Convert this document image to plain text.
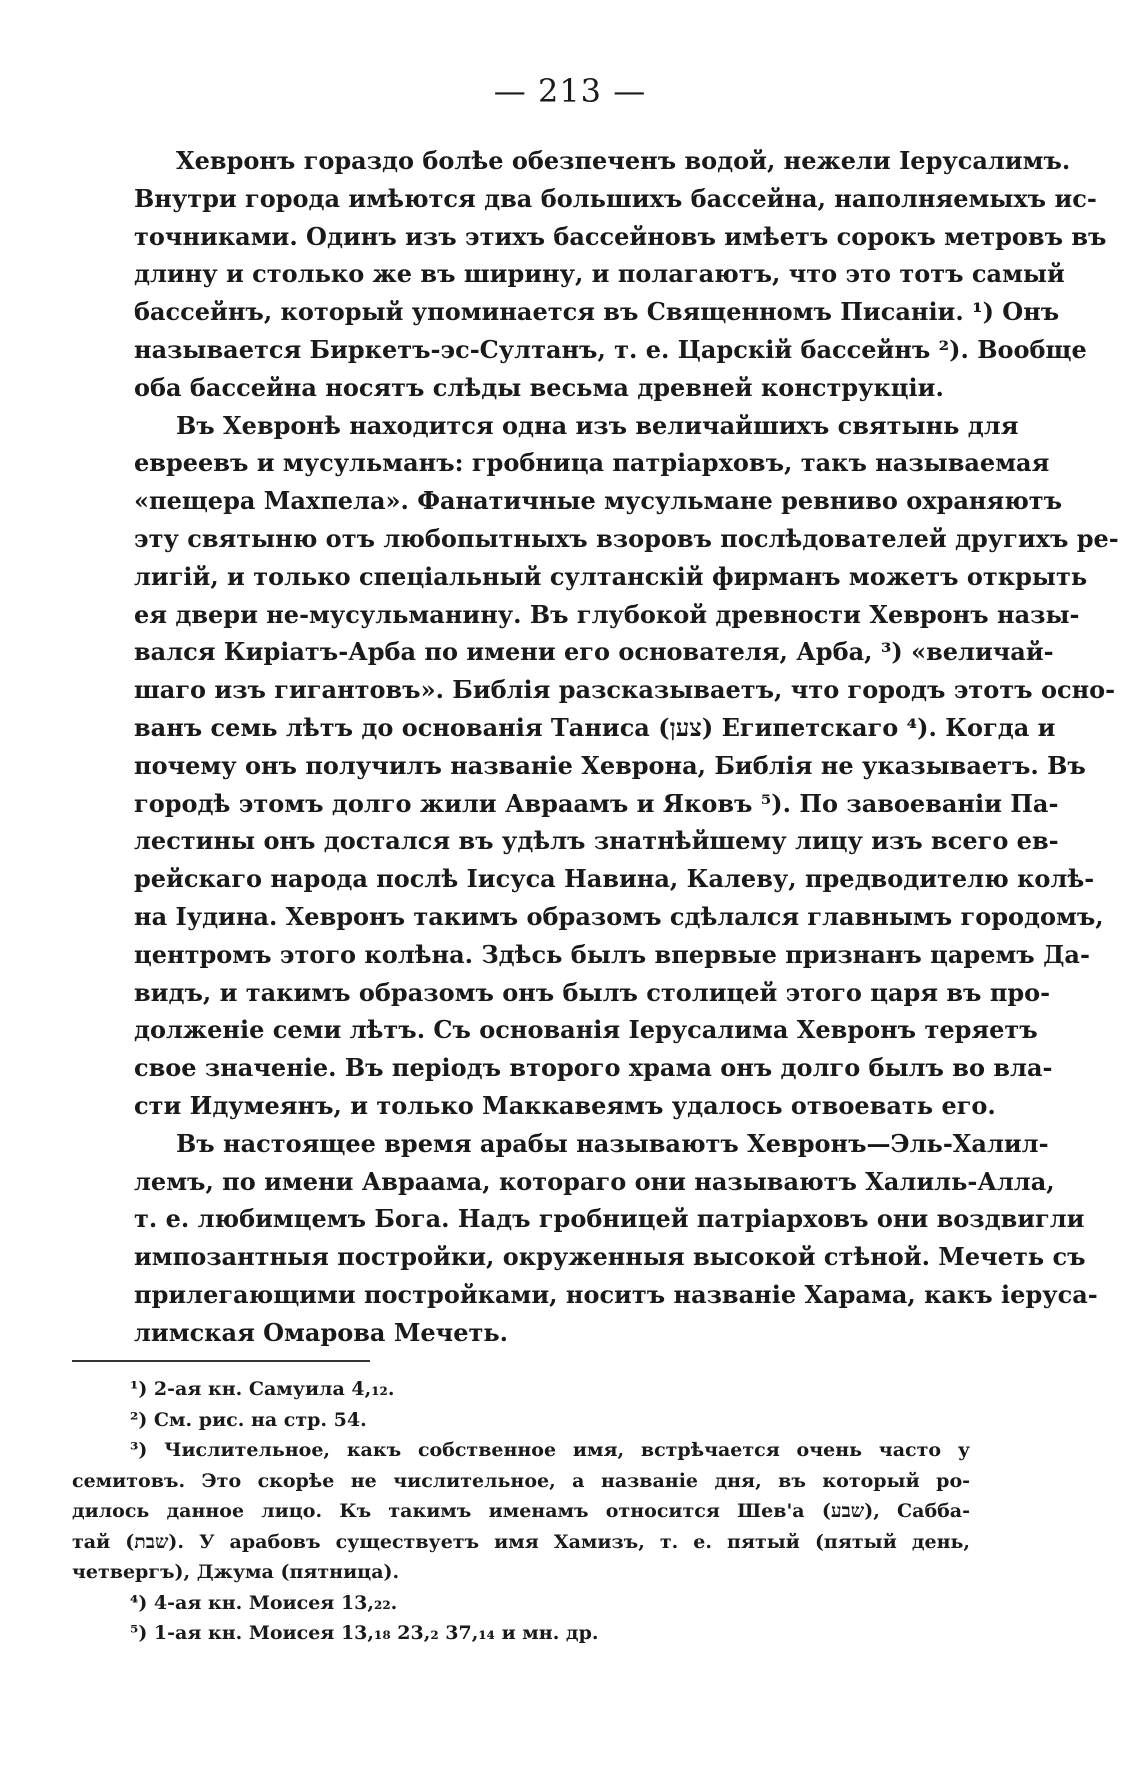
— 213 —
Хевронъ гораздо болѣе обезпеченъ водой, нежели Іерусалимъ.
Внутри города имѣются два большихъ бассейна, наполняемыхъ ис-
точниками. Одинъ изъ этихъ бассейновъ имѣетъ сорокъ метровъ въ
длину и столько же въ ширину, и полагаютъ, что это тотъ самый
бассейнъ, который упоминается въ Священномъ Писаніи. ¹) Онъ
называется Биркетъ-эс-Султанъ, т. е. Царскій бассейнъ ²). Вообще
оба бассейна носятъ слѣды весьма древней конструкціи.
Въ Хевронѣ находится одна изъ величайшихъ святынь для
евреевъ и мусульманъ: гробница патріарховъ, такъ называемая
«пещера Махпела». Фанатичные мусульмане ревниво охраняютъ
эту святыню отъ любопытныхъ взоровъ послѣдователей другихъ ре-
лигій, и только спеціальный султанскій фирманъ можетъ открыть
ея двери не-мусульманину. Въ глубокой древности Хевронъ назы-
вался Киріатъ-Арба по имени его основателя, Арба, ³) «величай-
шаго изъ гигантовъ». Библія разсказываетъ, что городъ этотъ осно-
ванъ семь лѣтъ до основанія Таниса (צען) Египетскаго ⁴). Когда и
почему онъ получилъ названіе Хеврона, Библія не указываетъ. Въ
городѣ этомъ долго жили Авраамъ и Яковъ ⁵). По завоеваніи Па-
лестины онъ достался въ удѣлъ знатнѣйшему лицу изъ всего ев-
рейскаго народа послѣ Іисуса Навина, Калеву, предводителю колѣ-
на Іудина. Хевронъ такимъ образомъ сдѣлался главнымъ городомъ,
центромъ этого колѣна. Здѣсь былъ впервые признанъ царемъ Да-
видъ, и такимъ образомъ онъ былъ столицей этого царя въ про-
долженіе семи лѣтъ. Съ основанія Іерусалима Хевронъ теряетъ
свое значеніе. Въ періодъ второго храма онъ долго былъ во вла-
сти Идумеянъ, и только Маккавеямъ удалось отвоевать его.
Въ настоящее время арабы называютъ Хевронъ—Эль-Халил-
лемъ, по имени Авраама, котораго они называютъ Халиль-Алла,
т. е. любимцемъ Бога. Надъ гробницей патріарховъ они воздвигли
импозантныя постройки, окруженныя высокой стѣной. Мечеть съ
прилегающими постройками, носитъ названіе Харама, какъ іеруса-
лимская Омарова Мечеть.
¹) 2-ая кн. Самуила 4,₁₂.
²) См. рис. на стр. 54.
³) Числительное, какъ собственное имя, встрѣчается очень часто у
семитовъ. Это скорѣе не числительное, а названіе дня, въ который ро-
дилось данное лицо. Къ такимъ именамъ относится Шев'а (שבע), Сабба-
тай (שבת). У арабовъ существуетъ имя Хамизъ, т. е. пятый (пятый день,
четвергъ), Джума (пятница).
⁴) 4-ая кн. Моисея 13,₂₂.
⁵) 1-ая кн. Моисея 13,₁₈ 23,₂ 37,₁₄ и мн. др.
